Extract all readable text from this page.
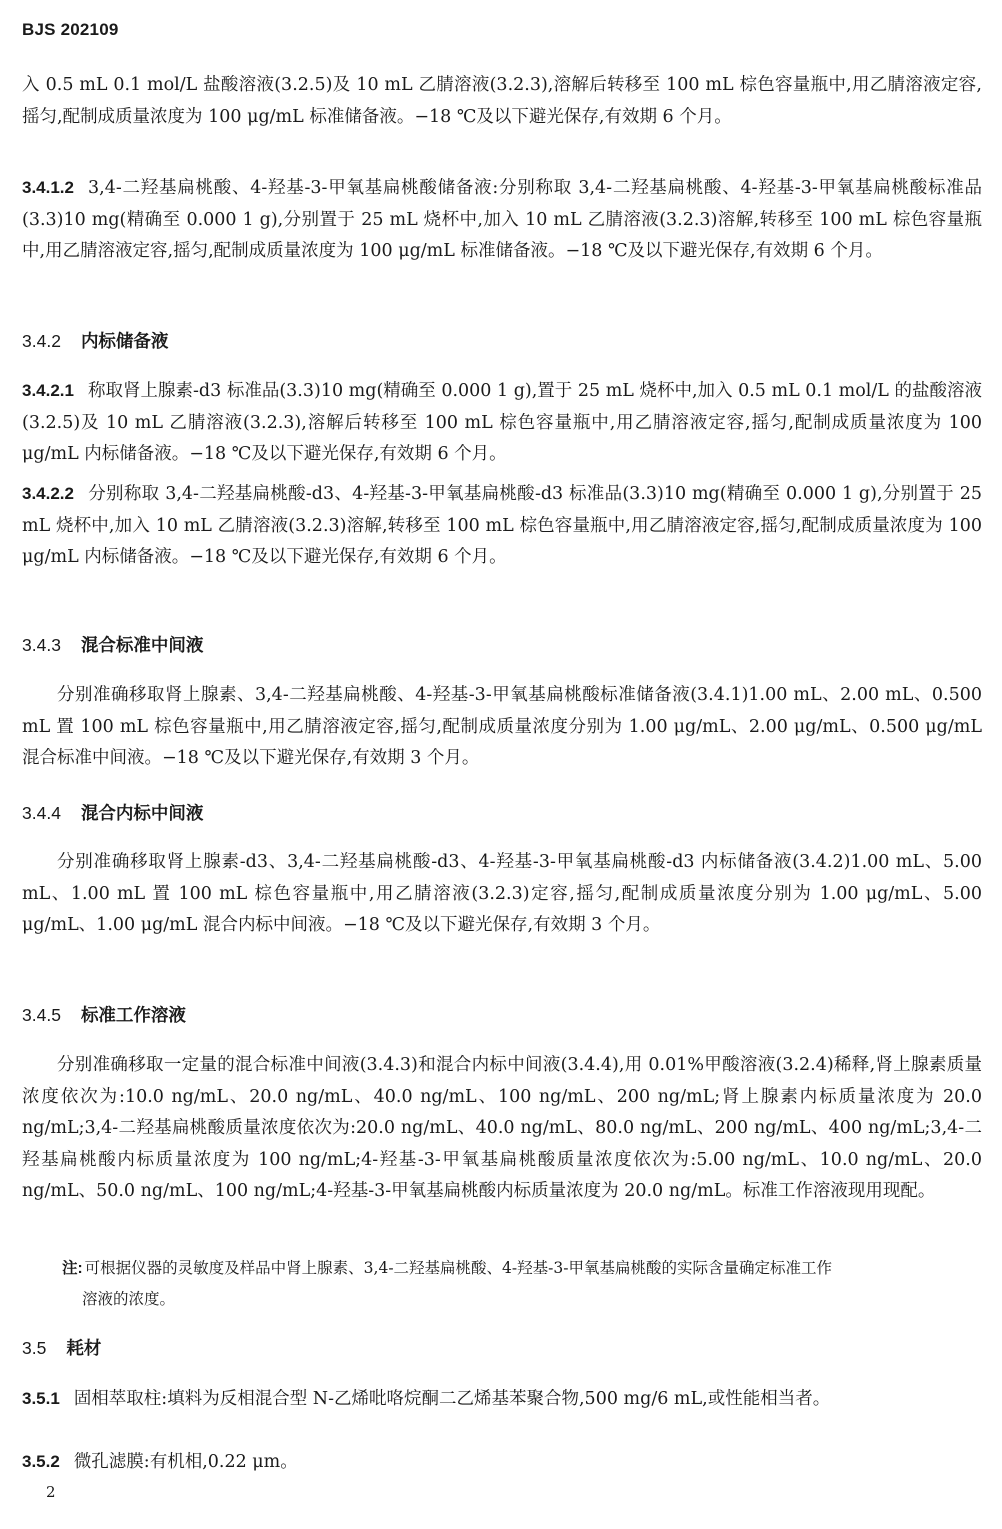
BJS 202109

入 0.5 mL 0.1 mol/L 盐酸溶液(3.2.5)及 10 mL 乙腈溶液(3.2.3),溶解后转移至 100 mL 棕色容量瓶中,用乙腈溶液定容,摇匀,配制成质量浓度为 100 μg/mL 标准储备液。−18 ℃及以下避光保存,有效期 6 个月。

3.4.1.2 3,4-二羟基扁桃酸、4-羟基-3-甲氧基扁桃酸储备液:分别称取 3,4-二羟基扁桃酸、4-羟基-3-甲氧基扁桃酸标准品(3.3)10 mg(精确至 0.000 1 g),分别置于 25 mL 烧杯中,加入 10 mL 乙腈溶液(3.2.3)溶解,转移至 100 mL 棕色容量瓶中,用乙腈溶液定容,摇匀,配制成质量浓度为 100 μg/mL 标准储备液。−18 ℃及以下避光保存,有效期 6 个月。

3.4.2 内标储备液

3.4.2.1 称取肾上腺素-d3 标准品(3.3)10 mg(精确至 0.000 1 g),置于 25 mL 烧杯中,加入 0.5 mL 0.1 mol/L 的盐酸溶液(3.2.5)及 10 mL 乙腈溶液(3.2.3),溶解后转移至 100 mL 棕色容量瓶中,用乙腈溶液定容,摇匀,配制成质量浓度为 100 μg/mL 内标储备液。−18 ℃及以下避光保存,有效期 6 个月。

3.4.2.2 分别称取 3,4-二羟基扁桃酸-d3、4-羟基-3-甲氧基扁桃酸-d3 标准品(3.3)10 mg(精确至 0.000 1 g),分别置于 25 mL 烧杯中,加入 10 mL 乙腈溶液(3.2.3)溶解,转移至 100 mL 棕色容量瓶中,用乙腈溶液定容,摇匀,配制成质量浓度为 100 μg/mL 内标储备液。−18 ℃及以下避光保存,有效期 6 个月。

3.4.3 混合标准中间液

分别准确移取肾上腺素、3,4-二羟基扁桃酸、4-羟基-3-甲氧基扁桃酸标准储备液(3.4.1)1.00 mL、2.00 mL、0.500 mL 置 100 mL 棕色容量瓶中,用乙腈溶液定容,摇匀,配制成质量浓度分别为 1.00 μg/mL、2.00 μg/mL、0.500 μg/mL 混合标准中间液。−18 ℃及以下避光保存,有效期 3 个月。

3.4.4 混合内标中间液

分别准确移取肾上腺素-d3、3,4-二羟基扁桃酸-d3、4-羟基-3-甲氧基扁桃酸-d3 内标储备液(3.4.2)1.00 mL、5.00 mL、1.00 mL 置 100 mL 棕色容量瓶中,用乙腈溶液(3.2.3)定容,摇匀,配制成质量浓度分别为 1.00 μg/mL、5.00 μg/mL、1.00 μg/mL 混合内标中间液。−18 ℃及以下避光保存,有效期 3 个月。

3.4.5 标准工作溶液

分别准确移取一定量的混合标准中间液(3.4.3)和混合内标中间液(3.4.4),用 0.01%甲酸溶液(3.2.4)稀释,肾上腺素质量浓度依次为:10.0 ng/mL、20.0 ng/mL、40.0 ng/mL、100 ng/mL、200 ng/mL;肾上腺素内标质量浓度为 20.0 ng/mL;3,4-二羟基扁桃酸质量浓度依次为:20.0 ng/mL、40.0 ng/mL、80.0 ng/mL、200 ng/mL、400 ng/mL;3,4-二羟基扁桃酸内标质量浓度为 100 ng/mL;4-羟基-3-甲氧基扁桃酸质量浓度依次为:5.00 ng/mL、10.0 ng/mL、20.0 ng/mL、50.0 ng/mL、100 ng/mL;4-羟基-3-甲氧基扁桃酸内标质量浓度为 20.0 ng/mL。标准工作溶液现用现配。

注: 可根据仪器的灵敏度及样品中肾上腺素、3,4-二羟基扁桃酸、4-羟基-3-甲氧基扁桃酸的实际含量确定标准工作
溶液的浓度。

3.5 耗材

3.5.1 固相萃取柱:填料为反相混合型 N-乙烯吡咯烷酮二乙烯基苯聚合物,500 mg/6 mL,或性能相当者。

3.5.2 微孔滤膜:有机相,0.22 μm。

2
